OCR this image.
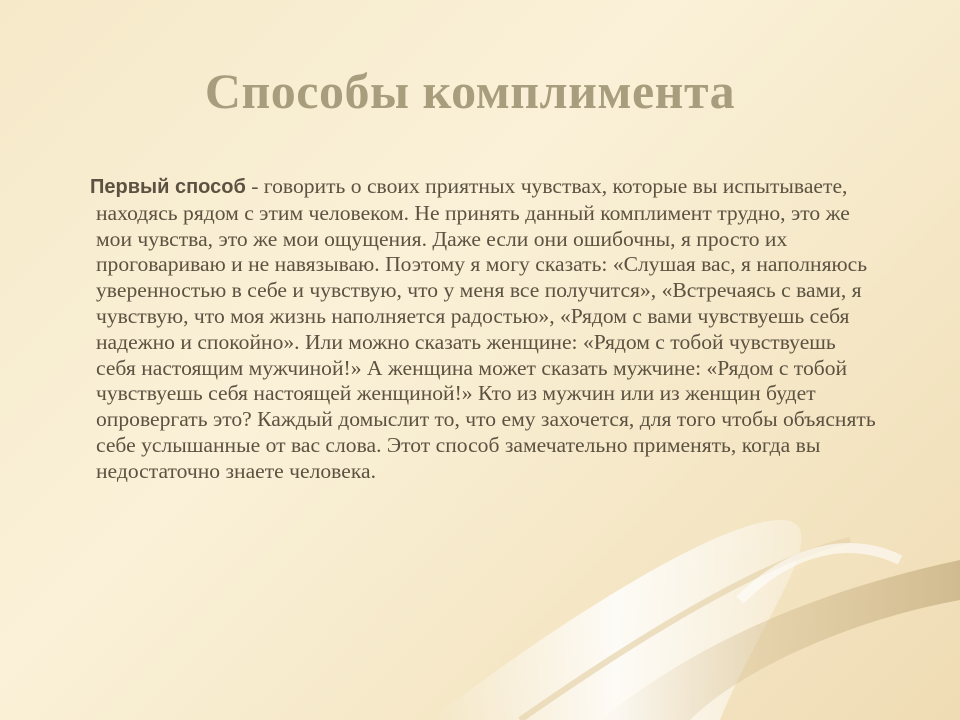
Способы комплимента
Первый способ - говорить о своих приятных чувствах, которые вы испытываете, находясь рядом с этим человеком. Не принять данный комплимент трудно, это же мои чувства, это же мои ощущения. Даже если они ошибочны, я просто их проговариваю и не навязываю. Поэтому я могу сказать: «Слушая вас, я наполняюсь уверенностью в себе и чувствую, что у меня все получится», «Встречаясь с вами, я чувствую, что моя жизнь наполняется радостью», «Рядом с вами чувствуешь себя надежно и спокойно». Или можно сказать женщине: «Рядом с тобой чувствуешь себя настоящим мужчиной!» А женщина может сказать мужчине: «Рядом с тобой чувствуешь себя настоящей женщиной!» Кто из мужчин или из женщин будет опровергать это? Каждый домыслит то, что ему захочется, для того чтобы объяснять себе услышанные от вас слова. Этот способ замечательно применять, когда вы недостаточно знаете человека.
